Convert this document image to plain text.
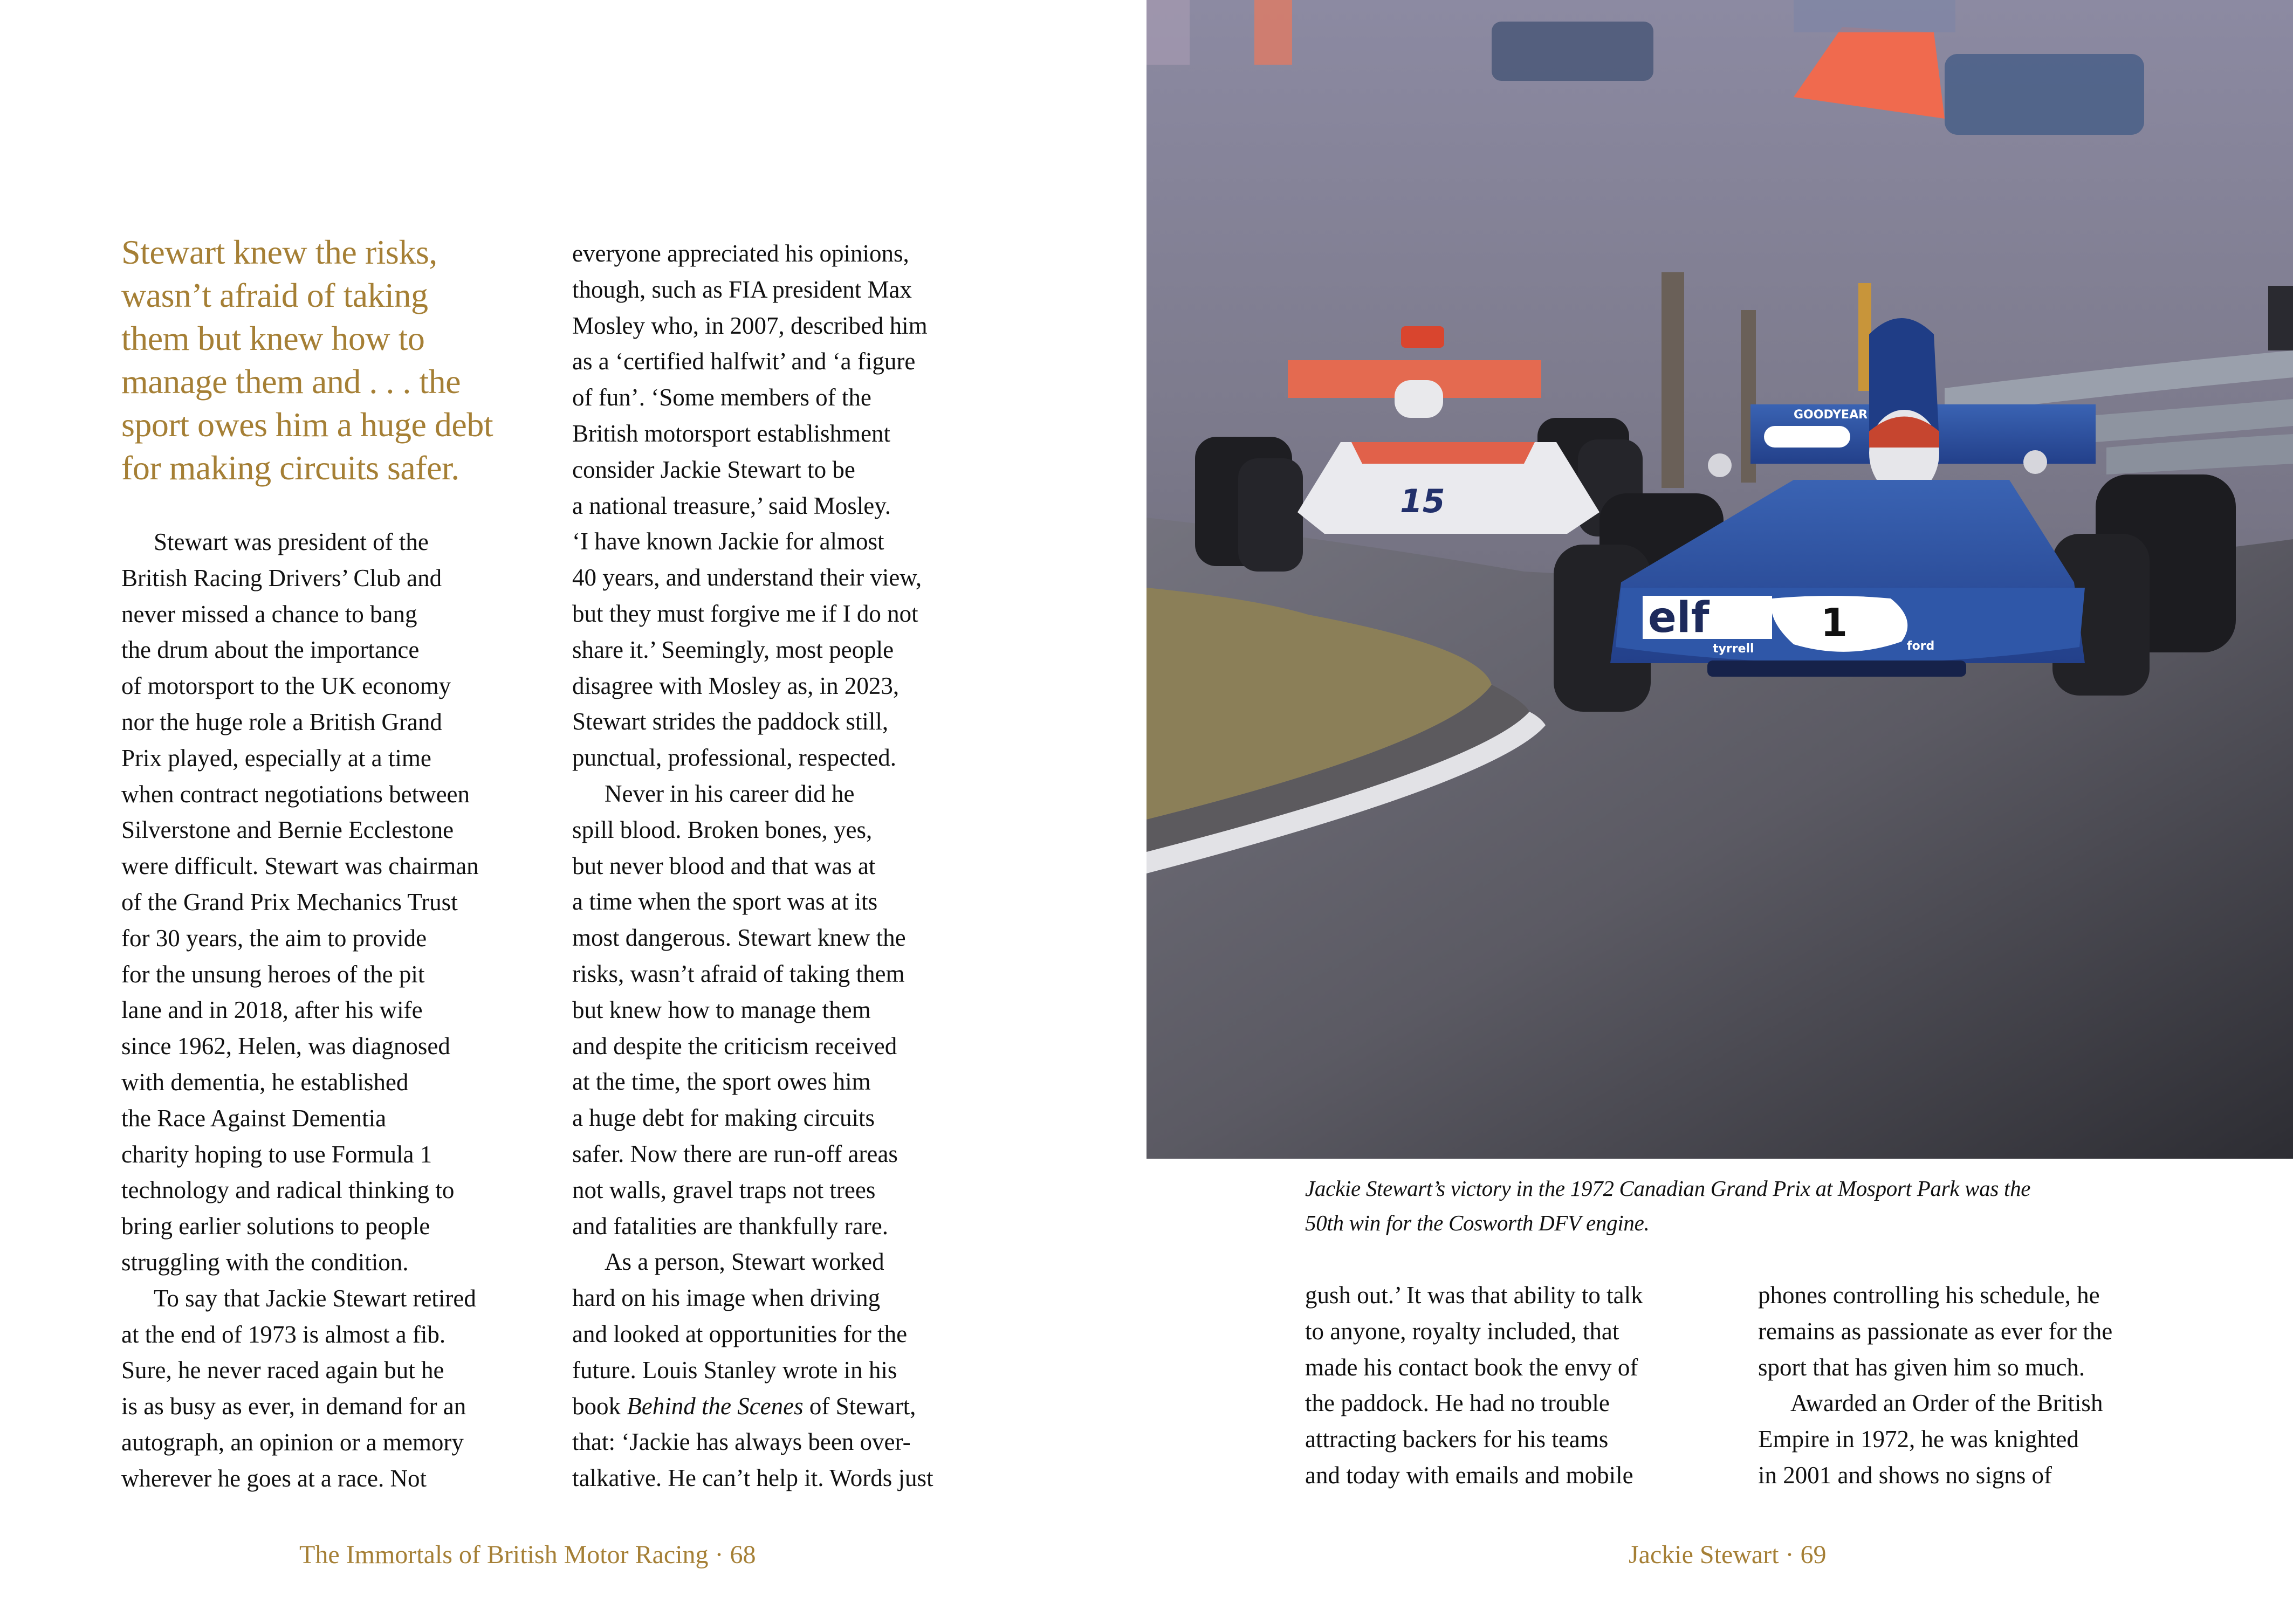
Stewart knew the risks,
wasn’t afraid of taking
them but knew how to
manage them and . . . the
sport owes him a huge debt
for making circuits safer.
Stewart was president of the
British Racing Drivers’ Club and
never missed a chance to bang
the drum about the importance
of motorsport to the UK economy
nor the huge role a British Grand
Prix played, especially at a time
when contract negotiations between
Silverstone and Bernie Ecclestone
were difficult. Stewart was chairman
of the Grand Prix Mechanics Trust
for 30 years, the aim to provide
for the unsung heroes of the pit
lane and in 2018, after his wife
since 1962, Helen, was diagnosed
with dementia, he established
the Race Against Dementia
charity hoping to use Formula 1
technology and radical thinking to
bring earlier solutions to people
struggling with the condition.
To say that Jackie Stewart retired
at the end of 1973 is almost a fib.
Sure, he never raced again but he
is as busy as ever, in demand for an
autograph, an opinion or a memory
wherever he goes at a race. Not
everyone appreciated his opinions,
though, such as FIA president Max
Mosley who, in 2007, described him
as a ‘certified halfwit’ and ‘a figure
of fun’. ‘Some members of the
British motorsport establishment
consider Jackie Stewart to be
a national treasure,’ said Mosley.
‘I have known Jackie for almost
40 years, and understand their view,
but they must forgive me if I do not
share it.’ Seemingly, most people
disagree with Mosley as, in 2023,
Stewart strides the paddock still,
punctual, professional, respected.
Never in his career did he
spill blood. Broken bones, yes,
but never blood and that was at
a time when the sport was at its
most dangerous. Stewart knew the
risks, wasn’t afraid of taking them
but knew how to manage them
and despite the criticism received
at the time, the sport owes him
a huge debt for making circuits
safer. Now there are run-off areas
not walls, gravel traps not trees
and fatalities are thankfully rare.
As a person, Stewart worked
hard on his image when driving
and looked at opportunities for the
future. Louis Stanley wrote in his
book Behind the Scenes of Stewart,
that: ‘Jackie has always been over-
talkative. He can’t help it. Words just
The Immortals of British Motor Racing · 68
15
GOODYEAR
elf	1
tyrrell	ford
Jackie Stewart’s victory in the 1972 Canadian Grand Prix at Mosport Park was the
50th win for the Cosworth DFV engine.
gush out.’ It was that ability to talk
to anyone, royalty included, that
made his contact book the envy of
the paddock. He had no trouble
attracting backers for his teams
and today with emails and mobile
phones controlling his schedule, he
remains as passionate as ever for the
sport that has given him so much.
Awarded an Order of the British
Empire in 1972, he was knighted
in 2001 and shows no signs of
Jackie Stewart · 69
